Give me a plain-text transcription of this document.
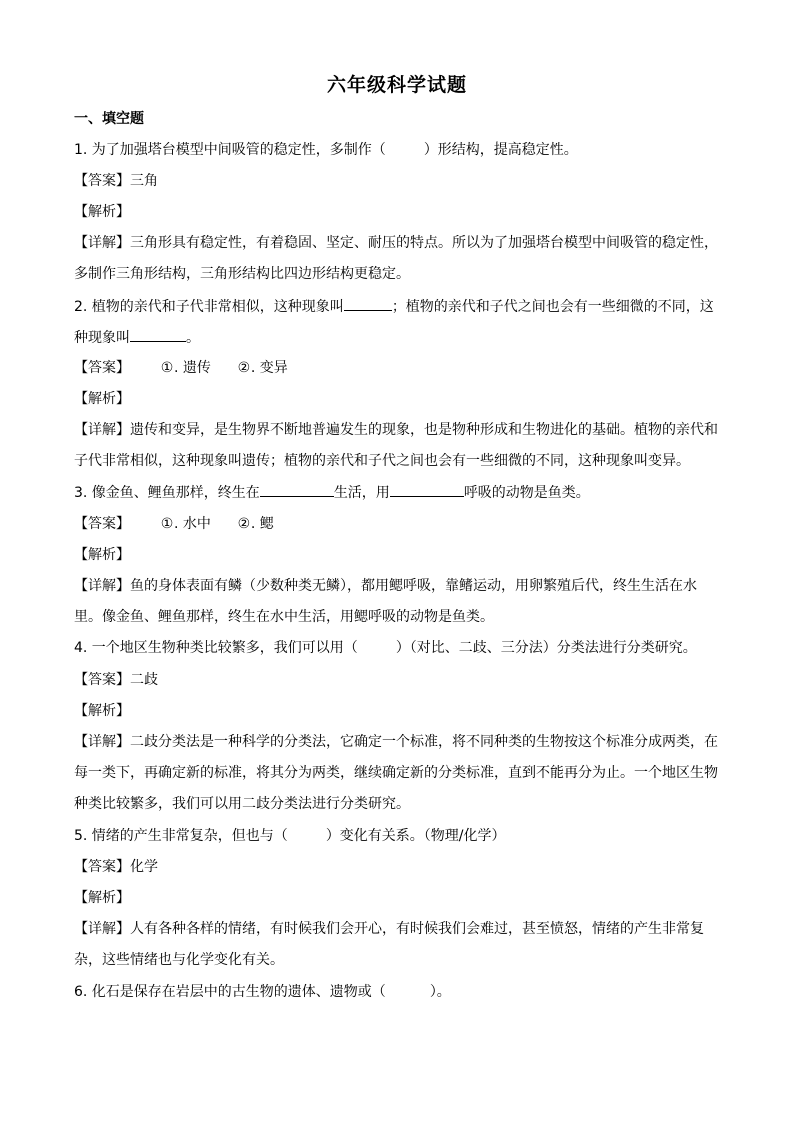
六年级科学试题
一、填空题
1. 为了加强塔台模型中间吸管的稳定性，多制作（	）形结构，提高稳定性。
【答案】三角
【解析】
【详解】三角形具有稳定性，有着稳固、坚定、耐压的特点。所以为了加强塔台模型中间吸管的稳定性，
多制作三角形结构，三角形结构比四边形结构更稳定。
2. 植物的亲代和子代非常相似，这种现象叫	；植物的亲代和子代之间也会有一些细微的不同，这
种现象叫	。
【答案】 ①. 遗传 ②. 变异
【解析】
【详解】遗传和变异，是生物界不断地普遍发生的现象，也是物种形成和生物进化的基础。植物的亲代和
子代非常相似，这种现象叫遗传；植物的亲代和子代之间也会有一些细微的不同，这种现象叫变异。
3. 像金鱼、鲤鱼那样，终生在	生活，用	呼吸的动物是鱼类。
【答案】 ①. 水中 ②. 鳃
【解析】
【详解】鱼的身体表面有鳞（少数种类无鳞），都用鳃呼吸，靠鳍运动，用卵繁殖后代，终生生活在水
里。像金鱼、鲤鱼那样，终生在水中生活，用鳃呼吸的动物是鱼类。
4. 一个地区生物种类比较繁多，我们可以用（	）（对比、二歧、三分法）分类法进行分类研究。
【答案】二歧
【解析】
【详解】二歧分类法是一种科学的分类法，它确定一个标准，将不同种类的生物按这个标准分成两类，在
每一类下，再确定新的标准，将其分为两类，继续确定新的分类标准，直到不能再分为止。一个地区生物
种类比较繁多，我们可以用二歧分类法进行分类研究。
5. 情绪的产生非常复杂，但也与（	）变化有关系。（物理/化学）
【答案】化学
【解析】
【详解】人有各种各样的情绪，有时候我们会开心，有时候我们会难过，甚至愤怒，情绪的产生非常复
杂，这些情绪也与化学变化有关。
6. 化石是保存在岩层中的古生物的遗体、遗物或（	）。
